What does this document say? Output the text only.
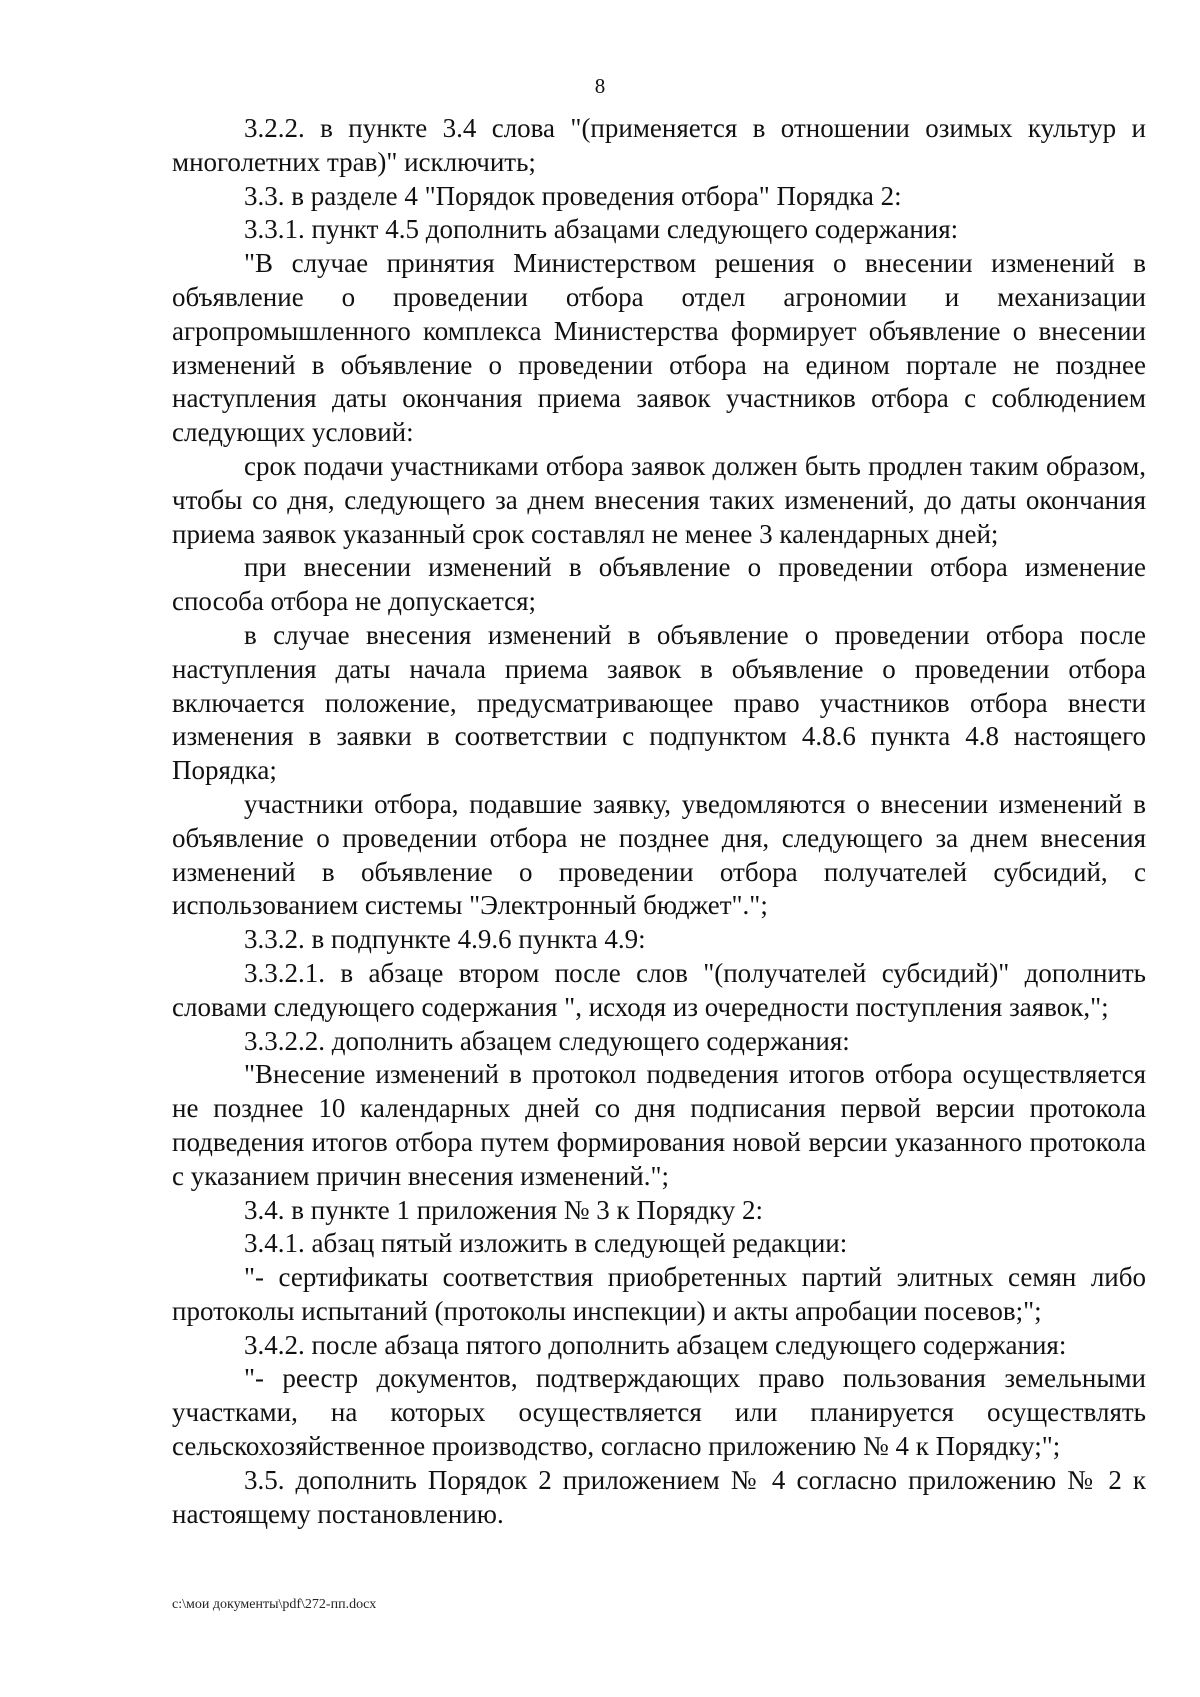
8

3.2.2. в пункте 3.4 слова "(применяется в отношении озимых культур и многолетних трав)" исключить;

3.3. в разделе 4 "Порядок проведения отбора" Порядка 2:

3.3.1. пункт 4.5 дополнить абзацами следующего содержания:

"В случае принятия Министерством решения о внесении изменений в объявление о проведении отбора отдел агрономии и механизации агропромышленного комплекса Министерства формирует объявление о внесении изменений в объявление о проведении отбора на едином портале не позднее наступления даты окончания приема заявок участников отбора с соблюдением следующих условий:

срок подачи участниками отбора заявок должен быть продлен таким образом, чтобы со дня, следующего за днем внесения таких изменений, до даты окончания приема заявок указанный срок составлял не менее 3 календарных дней;

при внесении изменений в объявление о проведении отбора изменение способа отбора не допускается;

в случае внесения изменений в объявление о проведении отбора после наступления даты начала приема заявок в объявление о проведении отбора включается положение, предусматривающее право участников отбора внести изменения в заявки в соответствии с подпунктом 4.8.6 пункта 4.8 настоящего Порядка;

участники отбора, подавшие заявку, уведомляются о внесении изменений в объявление о проведении отбора не позднее дня, следующего за днем внесения изменений в объявление о проведении отбора получателей субсидий, с использованием системы "Электронный бюджет".";

3.3.2. в подпункте 4.9.6 пункта 4.9:

3.3.2.1. в абзаце втором после слов "(получателей субсидий)" дополнить словами следующего содержания ", исходя из очередности поступления заявок,";

3.3.2.2. дополнить абзацем следующего содержания:

"Внесение изменений в протокол подведения итогов отбора осуществляется не позднее 10 календарных дней со дня подписания первой версии протокола подведения итогов отбора путем формирования новой версии указанного протокола с указанием причин внесения изменений.";

3.4. в пункте 1 приложения № 3 к Порядку 2:

3.4.1. абзац пятый изложить в следующей редакции:

"- сертификаты соответствия приобретенных партий элитных семян либо протоколы испытаний (протоколы инспекции) и акты апробации посевов;";

3.4.2. после абзаца пятого дополнить абзацем следующего содержания:

"- реестр документов, подтверждающих право пользования земельными участками, на которых осуществляется или планируется осуществлять сельскохозяйственное производство, согласно приложению № 4 к Порядку;";

3.5. дополнить Порядок 2 приложением № 4 согласно приложению № 2 к настоящему постановлению.

c:\мои документы\pdf\272-пп.docx
